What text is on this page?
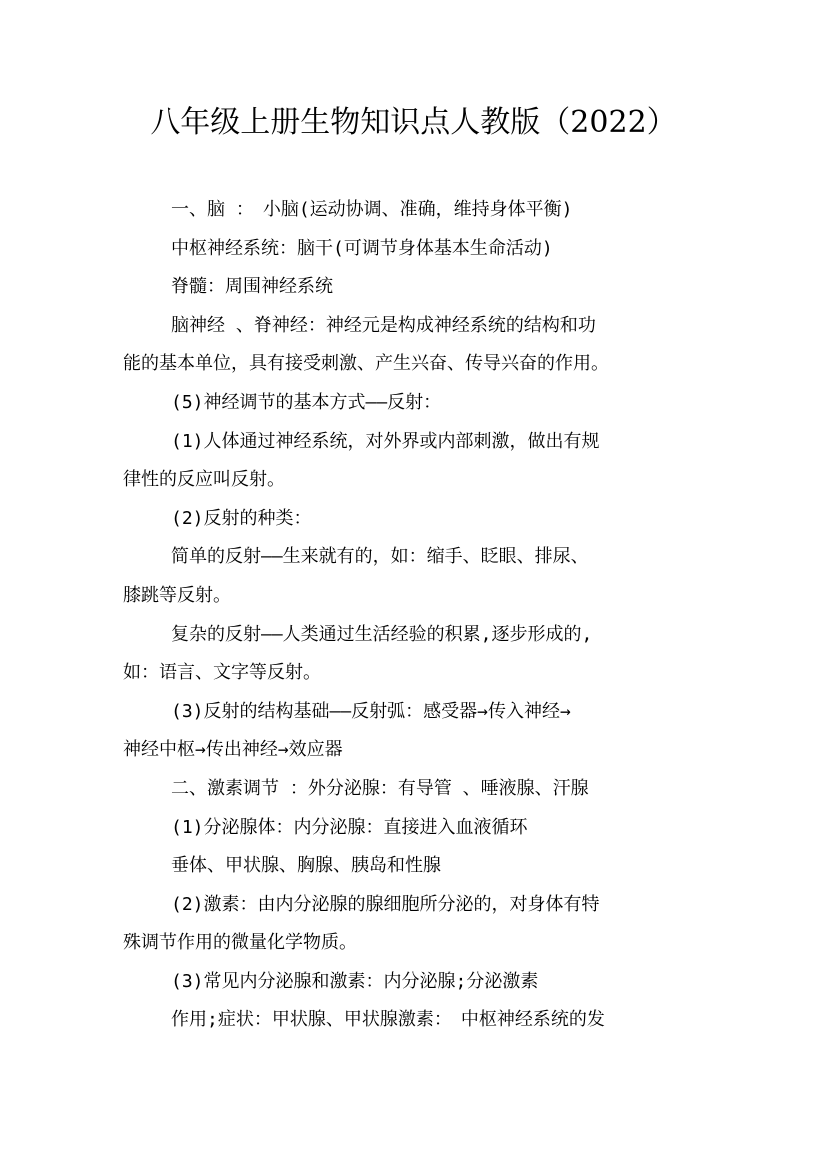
八年级上册生物知识点人教版（2022）
一、脑 ：　小脑(运动协调、准确，维持身体平衡)
中枢神经系统：脑干(可调节身体基本生命活动)
脊髓：周围神经系统
脑神经 、脊神经：神经元是构成神经系统的结构和功
能的基本单位，具有接受刺激、产生兴奋、传导兴奋的作用。
(5)神经调节的基本方式——反射：
(1)人体通过神经系统，对外界或内部刺激，做出有规
律性的反应叫反射。
(2)反射的种类：
简单的反射——生来就有的，如：缩手、眨眼、排尿、
膝跳等反射。
复杂的反射——人类通过生活经验的积累,逐步形成的,
如：语言、文字等反射。
(3)反射的结构基础——反射弧：感受器→传入神经→
神经中枢→传出神经→效应器
二、激素调节 ：外分泌腺：有导管 、唾液腺、汗腺
(1)分泌腺体：内分泌腺：直接进入血液循环
垂体、甲状腺、胸腺、胰岛和性腺
(2)激素：由内分泌腺的腺细胞所分泌的，对身体有特
殊调节作用的微量化学物质。
(3)常见内分泌腺和激素：内分泌腺;分泌激素
作用;症状：甲状腺、甲状腺激素：　中枢神经系统的发
